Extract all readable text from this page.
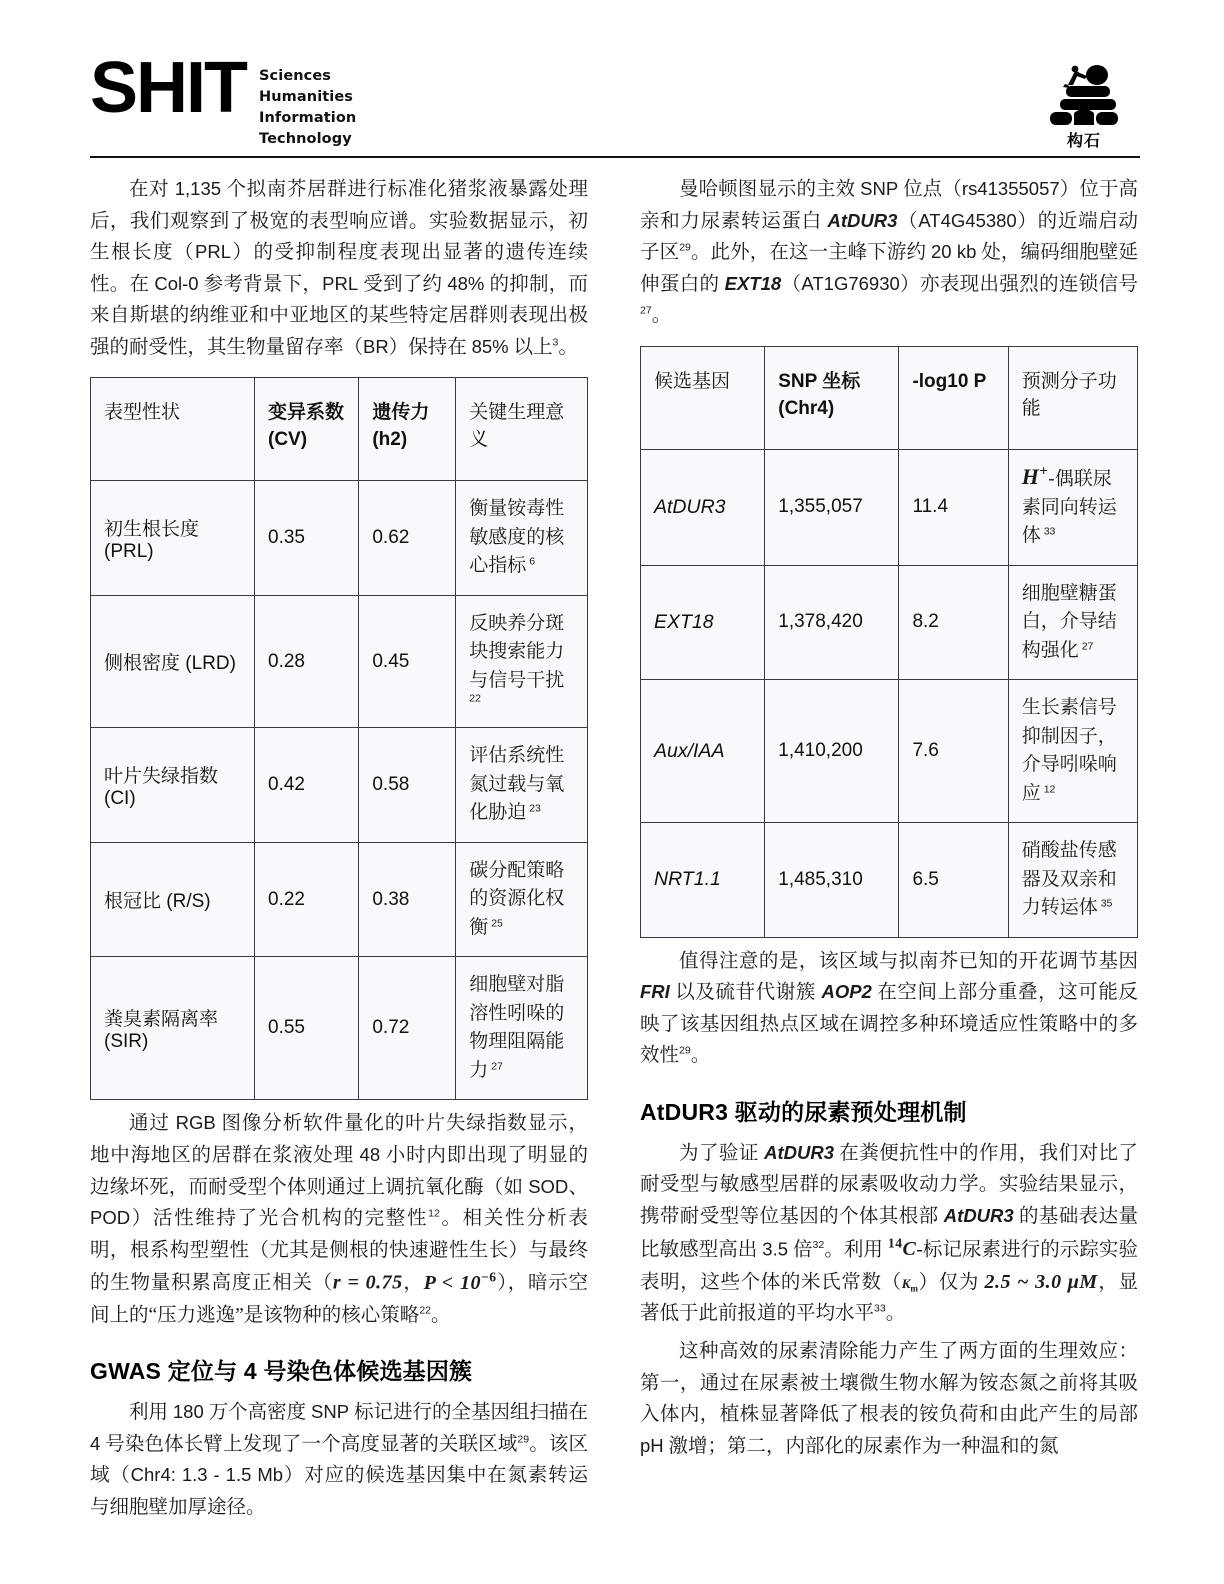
SHIT Sciences
Humanities
Information
Technology	构石

在对 1,135 个拟南芥居群进行标准化猪浆液暴露处理后，我们观察到了极宽的表型响应谱。实验数据显示，初生根长度（PRL）的受抑制程度表现出显著的遗传连续性。在 Col-0 参考背景下，PRL 受到了约 48% 的抑制，而来自斯堪的纳维亚和中亚地区的某些特定居群则表现出极强的耐受性，其生物量留存率（BR）保持在 85% 以上$^3$。

表型性状	变异系数 (CV)	遗传力 (h2)	关键生理意义
初生根长度 (PRL)	0.35	0.62	衡量铵毒性敏感度的核心指标 $^6$
侧根密度 (LRD)	0.28	0.45	反映养分斑块搜索能力与信号干扰 $^{22}$
叶片失绿指数 (CI)	0.42	0.58	评估系统性氮过载与氧化胁迫 $^{23}$
根冠比 (R/S)	0.22	0.38	碳分配策略的资源化权衡 $^{25}$
粪臭素隔离率 (SIR)	0.55	0.72	细胞壁对脂溶性吲哚的物理阻隔能力 $^{27}$

通过 RGB 图像分析软件量化的叶片失绿指数显示，地中海地区的居群在浆液处理 48 小时内即出现了明显的边缘坏死，而耐受型个体则通过上调抗氧化酶（如 SOD、POD）活性维持了光合机构的完整性$^{12}$。相关性分析表明，根系构型塑性（尤其是侧根的快速避性生长）与最终的生物量积累高度正相关（r = 0.75，$P < 10^{-6}$），暗示空间上的“压力逃逸”是该物种的核心策略$^{22}$。

GWAS 定位与 4 号染色体候选基因簇

利用 180 万个高密度 SNP 标记进行的全基因组扫描在 4 号染色体长臂上发现了一个高度显著的关联区域$^{29}$。该区域（Chr4: 1.3 - 1.5 Mb）对应的候选基因集中在氮素转运与细胞壁加厚途径。

曼哈顿图显示的主效 SNP 位点（rs41355057）位于高亲和力尿素转运蛋白 AtDUR3（AT4G45380）的近端启动子区$^{29}$。此外，在这一主峰下游约 20 kb 处，编码细胞壁延伸蛋白的 EXT18（AT1G76930）亦表现出强烈的连锁信号$^{27}$。

候选基因	SNP 坐标 (Chr4)	-log10 P	预测分子功能
AtDUR3	1,355,057	11.4	H+-偶联尿素同向转运体 $^{33}$
EXT18	1,378,420	8.2	细胞壁糖蛋白，介导结构强化 $^{27}$
Aux/IAA	1,410,200	7.6	生长素信号抑制因子，介导吲哚响应 $^{12}$
NRT1.1	1,485,310	6.5	硝酸盐传感器及双亲和力转运体 $^{35}$

值得注意的是，该区域与拟南芥已知的开花调节基因 FRI 以及硫苷代谢簇 AOP2 在空间上部分重叠，这可能反映了该基因组热点区域在调控多种环境适应性策略中的多效性$^{29}$。

AtDUR3 驱动的尿素预处理机制

为了验证 AtDUR3 在粪便抗性中的作用，我们对比了耐受型与敏感型居群的尿素吸收动力学。实验结果显示，携带耐受型等位基因的个体其根部 AtDUR3 的基础表达量比敏感型高出 3.5 倍$^{32}$。利用 $^{14}$C-标记尿素进行的示踪实验表明，这些个体的米氏常数$(K_m)$仅为 2.5 ~ 3.0 μM，显著低于此前报道的平均水平$^{33}$。

这种高效的尿素清除能力产生了两方面的生理效应：第一，通过在尿素被土壤微生物水解为铵态氮之前将其吸入体内，植株显著降低了根表的铵负荷和由此产生的局部 pH 激增；第二，内部化的尿素作为一种温和的氮
